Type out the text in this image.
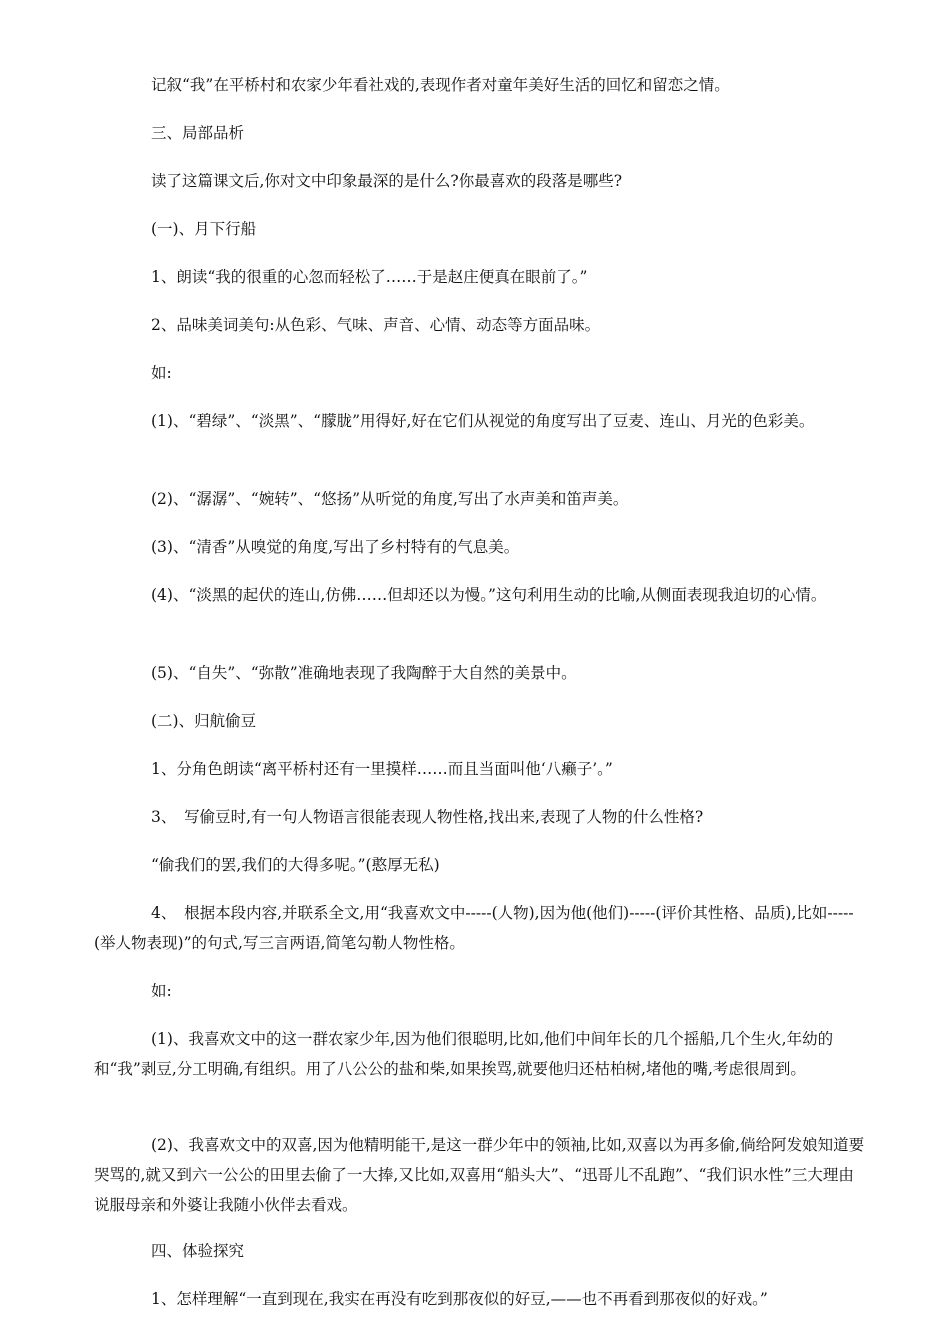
记叙“我”在平桥村和农家少年看社戏的,表现作者对童年美好生活的回忆和留恋之情。
三、局部品析
读了这篇课文后,你对文中印象最深的是什么?你最喜欢的段落是哪些?
(一)、月下行船
1、朗读“我的很重的心忽而轻松了……于是赵庄便真在眼前了。”
2、品味美词美句:从色彩、气味、声音、心情、动态等方面品味。
如:
(1)、“碧绿”、“淡黑”、“朦胧”用得好,好在它们从视觉的角度写出了豆麦、连山、月光的色彩美。
(2)、“潺潺”、“婉转”、“悠扬”从听觉的角度,写出了水声美和笛声美。
(3)、“清香”从嗅觉的角度,写出了乡村特有的气息美。
(4)、“淡黑的起伏的连山,仿佛……但却还以为慢。”这句利用生动的比喻,从侧面表现我迫切的心情。
(5)、“自失”、“弥散”准确地表现了我陶醉于大自然的美景中。
(二)、归航偷豆
1、分角色朗读“离平桥村还有一里摸样……而且当面叫他‘八癞子’。”
3、　写偷豆时,有一句人物语言很能表现人物性格,找出来,表现了人物的什么性格?
“偷我们的罢,我们的大得多呢。”(憨厚无私)
4、　根据本段内容,并联系全文,用“我喜欢文中-----(人物),因为他(他们)-----(评价其性格、品质),比如-----(举人物表现)”的句式,写三言两语,简笔勾勒人物性格。
如:
(1)、我喜欢文中的这一群农家少年,因为他们很聪明,比如,他们中间年长的几个摇船,几个生火,年幼的和“我”剥豆,分工明确,有组织。用了八公公的盐和柴,如果挨骂,就要他归还枯柏树,堵他的嘴,考虑很周到。
(2)、我喜欢文中的双喜,因为他精明能干,是这一群少年中的领袖,比如,双喜以为再多偷,倘给阿发娘知道要哭骂的,就又到六一公公的田里去偷了一大捧,又比如,双喜用“船头大”、“迅哥儿不乱跑”、“我们识水性”三大理由说服母亲和外婆让我随小伙伴去看戏。
四、体验探究
1、怎样理解“一直到现在,我实在再没有吃到那夜似的好豆,——也不再看到那夜似的好戏。”
